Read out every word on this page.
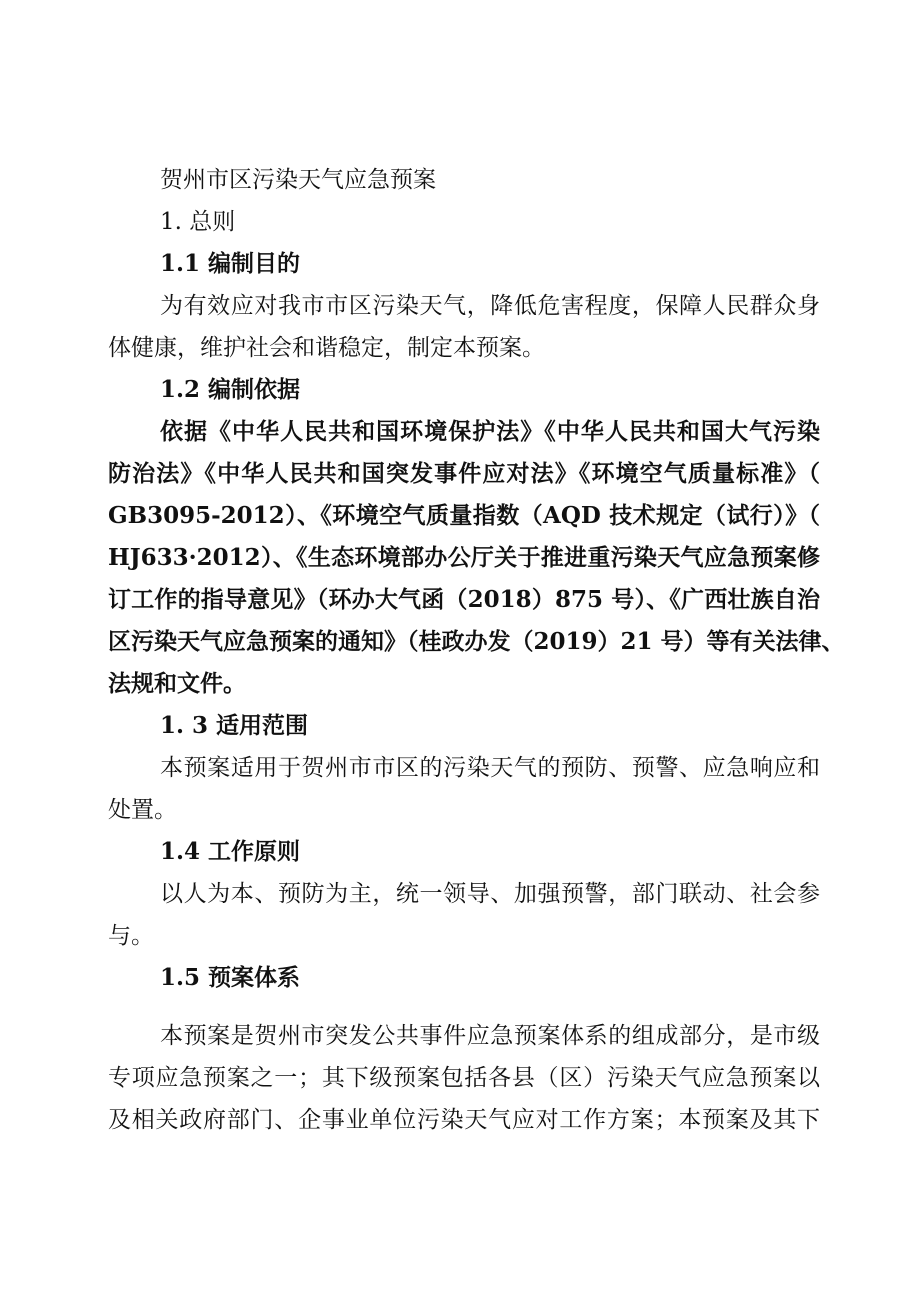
贺州市区污染天气应急预案
1. 总则
1.1 编制目的
为有效应对我市市区污染天气，降低危害程度，保障人民群众身
体健康，维护社会和谐稳定，制定本预案。
1.2 编制依据
依据《中华人民共和国环境保护法》《中华人民共和国大气污染
防治法》《中华人民共和国突发事件应对法》《环境空气质量标准》（
GB3095-2012）、《环境空气质量指数（AQD 技术规定（试行）》（
HJ633·2012）、《生态环境部办公厅关于推进重污染天气应急预案修
订工作的指导意见》（环办大气函（2018）875 号）、《广西壮族自治
区污染天气应急预案的通知》（桂政办发（2019）21 号）等有关法律、
法规和文件。
1. 3 适用范围
本预案适用于贺州市市区的污染天气的预防、预警、应急响应和
处置。
1.4 工作原则
以人为本、预防为主，统一领导、加强预警，部门联动、社会参
与。
1.5 预案体系
本预案是贺州市突发公共事件应急预案体系的组成部分，是市级
专项应急预案之一；其下级预案包括各县（区）污染天气应急预案以
及相关政府部门、企事业单位污染天气应对工作方案；本预案及其下
